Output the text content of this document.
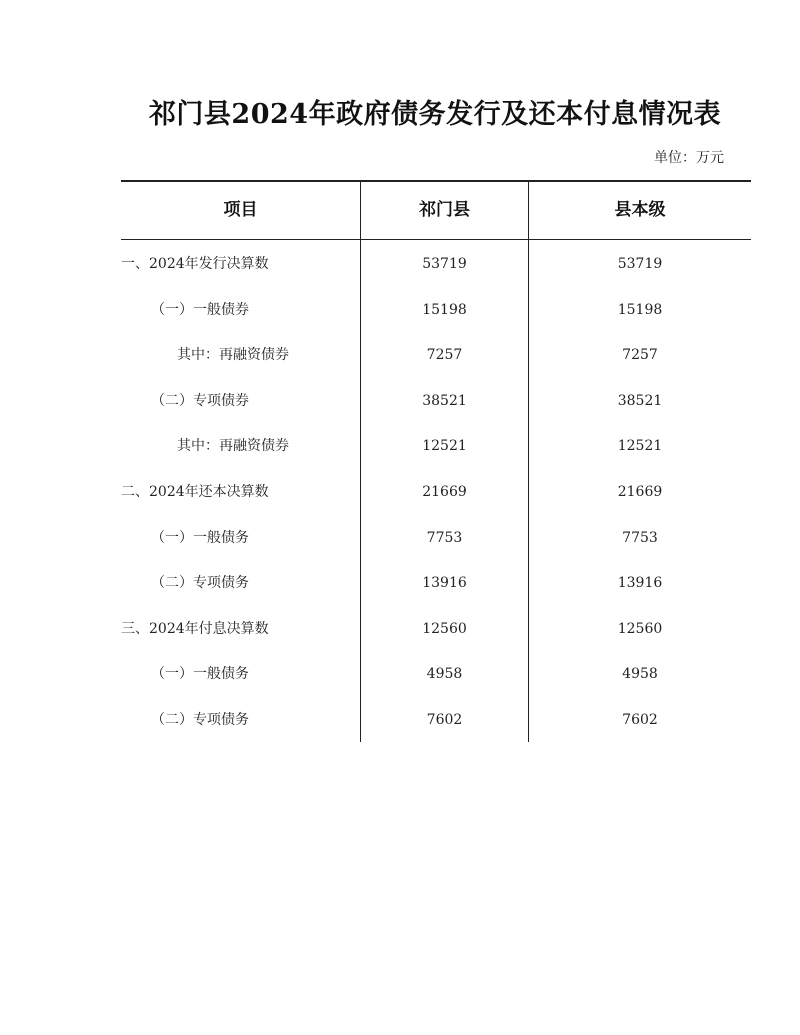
祁门县2024年政府债务发行及还本付息情况表
单位：万元
项目	祁门县	县本级
一、2024年发行决算数	53719	53719
（一）一般债券	15198	15198
其中：再融资债券	7257	7257
（二）专项债券	38521	38521
其中：再融资债券	12521	12521
二、2024年还本决算数	21669	21669
（一）一般债务	7753	7753
（二）专项债务	13916	13916
三、2024年付息决算数	12560	12560
（一）一般债务	4958	4958
（二）专项债务	7602	7602
